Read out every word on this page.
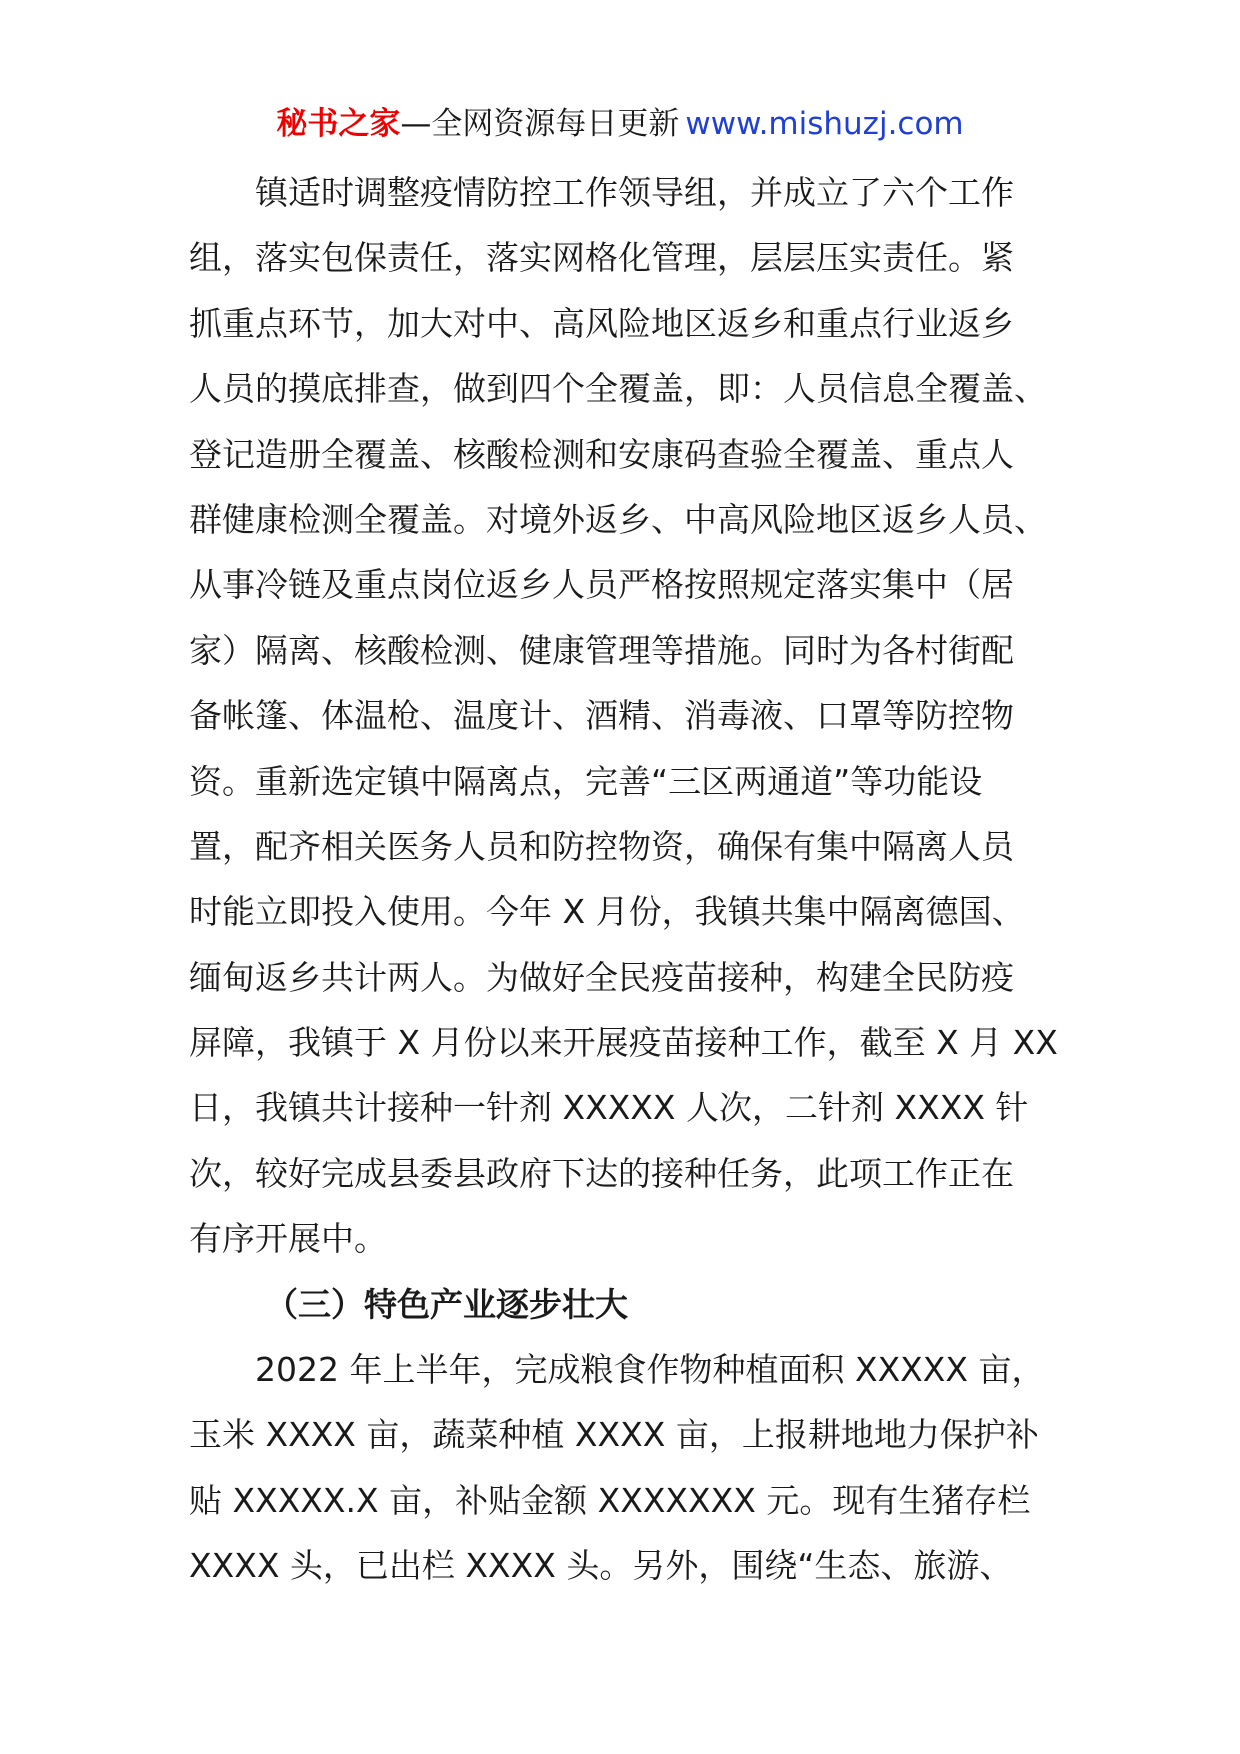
秘书之家—全网资源每日更新 www.mishuzj.com
镇适时调整疫情防控工作领导组，并成立了六个工作
组，落实包保责任，落实网格化管理，层层压实责任。紧
抓重点环节，加大对中、高风险地区返乡和重点行业返乡
人员的摸底排查，做到四个全覆盖，即：人员信息全覆盖、
登记造册全覆盖、核酸检测和安康码查验全覆盖、重点人
群健康检测全覆盖。对境外返乡、中高风险地区返乡人员、
从事冷链及重点岗位返乡人员严格按照规定落实集中（居
家）隔离、核酸检测、健康管理等措施。同时为各村街配
备帐篷、体温枪、温度计、酒精、消毒液、口罩等防控物
资。重新选定镇中隔离点，完善“三区两通道”等功能设
置，配齐相关医务人员和防控物资，确保有集中隔离人员
时能立即投入使用。今年 X 月份，我镇共集中隔离德国、
缅甸返乡共计两人。为做好全民疫苗接种，构建全民防疫
屏障，我镇于 X 月份以来开展疫苗接种工作，截至 X 月 XX
日，我镇共计接种一针剂 XXXXX 人次，二针剂 XXXX 针
次，较好完成县委县政府下达的接种任务，此项工作正在
有序开展中。
（三）特色产业逐步壮大
2022 年上半年，完成粮食作物种植面积 XXXXX 亩，
玉米 XXXX 亩，蔬菜种植 XXXX 亩，上报耕地地力保护补
贴 XXXXX.X 亩，补贴金额 XXXXXXX 元。现有生猪存栏
XXXX 头，已出栏 XXXX 头。另外，围绕“生态、旅游、
